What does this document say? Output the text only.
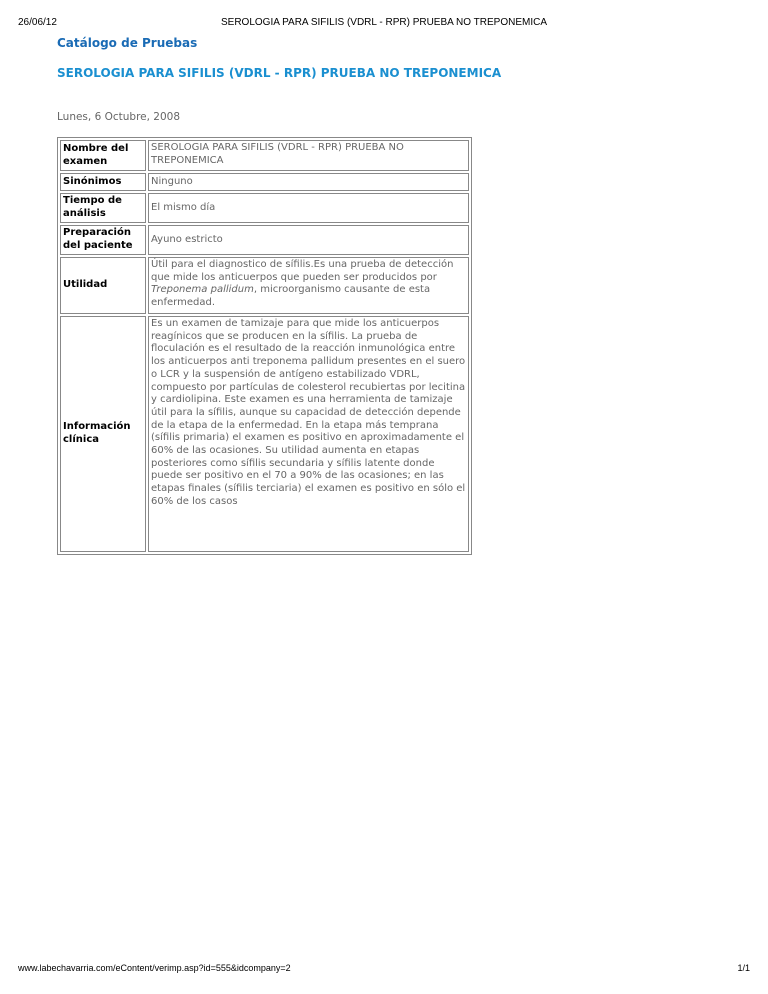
26/06/12	SEROLOGIA PARA SIFILIS (VDRL - RPR) PRUEBA NO TREPONEMICA
Catálogo de Pruebas
SEROLOGIA PARA SIFILIS (VDRL - RPR) PRUEBA NO TREPONEMICA
Lunes, 6 Octubre, 2008
Nombre del examen	SEROLOGIA PARA SIFILIS (VDRL - RPR) PRUEBA NO TREPONEMICA
Sinónimos	Ninguno
Tiempo de análisis	El mismo día
Preparación del paciente	Ayuno estricto
Utilidad	Útil para el diagnostico de sífilis.Es una prueba de detección que mide los anticuerpos que pueden ser producidos por Treponema pallidum, microorganismo causante de esta enfermedad.
Información clínica	Es un examen de tamizaje para que mide los anticuerpos reagínicos que se producen en la sífilis. La prueba de floculación es el resultado de la reacción inmunológica entre los anticuerpos anti treponema pallidum presentes en el suero o LCR y la suspensión de antígeno estabilizado VDRL, compuesto por partículas de colesterol recubiertas por lecitina y cardiolipina. Este examen es una herramienta de tamizaje útil para la sífilis, aunque su capacidad de detección depende de la etapa de la enfermedad. En la etapa más temprana (sífilis primaria) el examen es positivo en aproximadamente el 60% de las ocasiones. Su utilidad aumenta en etapas posteriores como sífilis secundaria y sífilis latente donde puede ser positivo en el 70 a 90% de las ocasiones; en las etapas finales (sífilis terciaria) el examen es positivo en sólo el 60% de los casos
www.labechavarria.com/eContent/verimp.asp?id=555&idcompany=2	1/1
